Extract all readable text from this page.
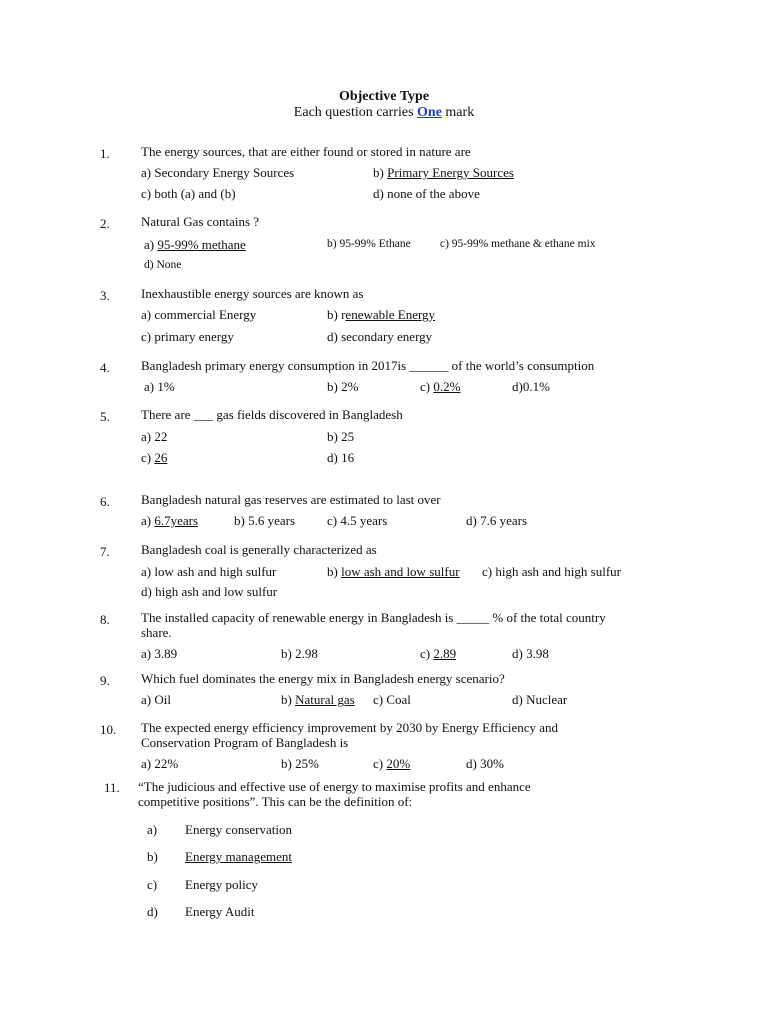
Objective Type
Each question carries One mark
1. The energy sources, that are either found or stored in nature are
a) Secondary Energy Sources	b) Primary Energy Sources
c) both (a) and (b)	d) none of the above
2. Natural Gas contains ?
a) 95-99% methane	b) 95-99% Ethane	c) 95-99% methane & ethane mix
d) None
3. Inexhaustible energy sources are known as
a) commercial Energy	b) renewable Energy
c) primary energy	d) secondary energy
4. Bangladesh primary energy consumption in 2017is ______ of the world’s consumption
a) 1%	b) 2%	c) 0.2%	d)0.1%
5. There are ___ gas fields discovered in Bangladesh
a) 22	b) 25
c) 26	d) 16
6. Bangladesh natural gas reserves are estimated to last over
a) 6.7years	b) 5.6 years c) 4.5 years	d) 7.6 years
7. Bangladesh coal is generally characterized as
a) low ash and high sulfur	b) low ash and low sulfur c) high ash and high sulfur
d) high ash and low sulfur
8. The installed capacity of renewable energy in Bangladesh is _____ % of the total country
share.
a) 3.89	b) 2.98	c) 2.89	d) 3.98
9. Which fuel dominates the energy mix in Bangladesh energy scenario?
a) Oil	b) Natural gas c) Coal	d) Nuclear
10. The expected energy efficiency improvement by 2030 by Energy Efficiency and
Conservation Program of Bangladesh is
a) 22%	b) 25%	c) 20%	d) 30%
11. “The judicious and effective use of energy to maximise profits and enhance
competitive positions”. This can be the definition of:
a) Energy conservation
b) Energy management
c) Energy policy
d) Energy Audit
